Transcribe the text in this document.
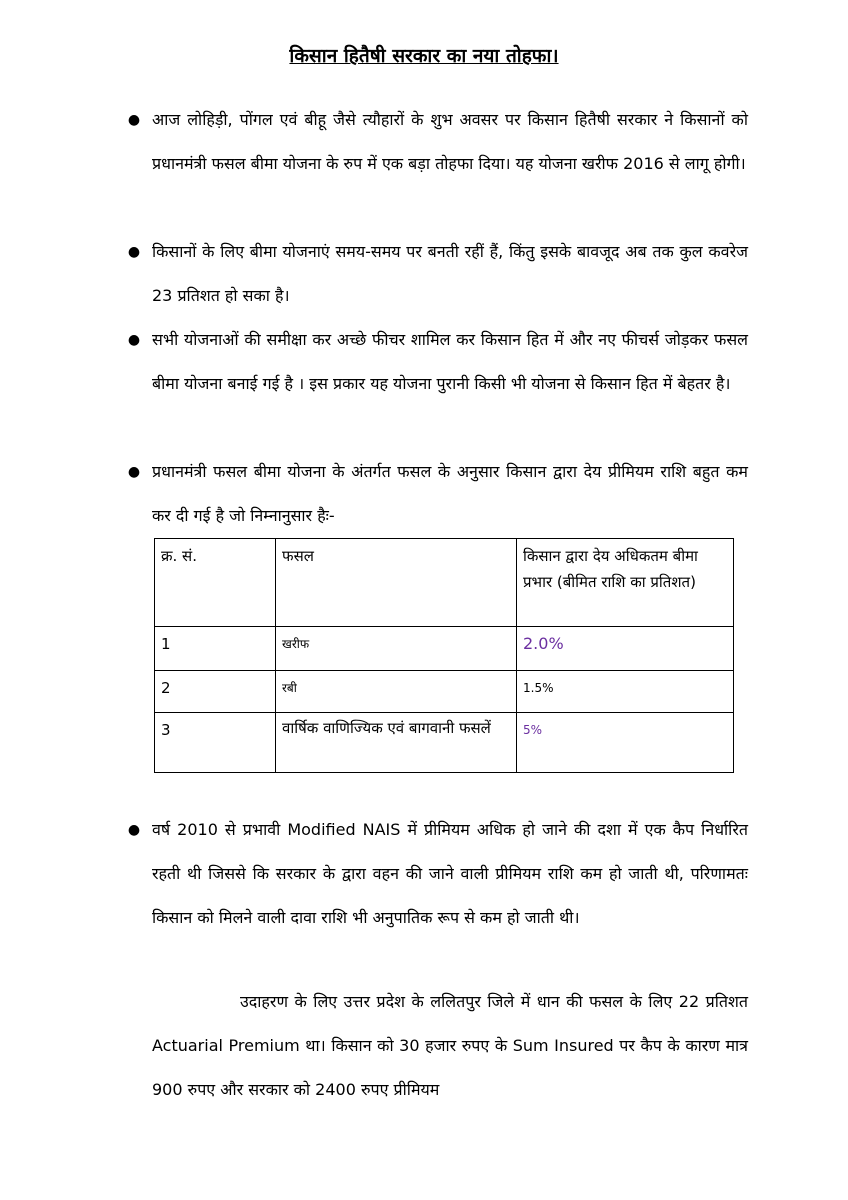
किसान हितैषी सरकार का नया तोहफा।
● आज लोहिड़ी, पोंगल एवं बीहू जैसे त्यौहारों के शुभ अवसर पर किसान हितैषी सरकार ने किसानों को प्रधानमंत्री फसल बीमा योजना के रुप में एक बड़ा तोहफा दिया। यह योजना खरीफ 2016 से लागू होगी।
● किसानों के लिए बीमा योजनाएं समय-समय पर बनती रहीं हैं, किंतु इसके बावजूद अब तक कुल कवरेज 23 प्रतिशत हो सका है।
● सभी योजनाओं की समीक्षा कर अच्छे फीचर शामिल कर किसान हित में और नए फीचर्स जोड़कर फसल बीमा योजना बनाई गई है । इस प्रकार यह योजना पुरानी किसी भी योजना से किसान हित में बेहतर है।
● प्रधानमंत्री फसल बीमा योजना के अंतर्गत फसल के अनुसार किसान द्वारा देय प्रीमियम राशि बहुत कम कर दी गई है जो निम्नानुसार हैः-
क्र. सं.	फसल	किसान द्वारा देय अधिकतम बीमा प्रभार (बीमित राशि का प्रतिशत)
1	खरीफ	2.0%
2	रबी	1.5%
3	वार्षिक वाणिज्यिक एवं बागवानी फसलें	5%
● वर्ष 2010 से प्रभावी Modified NAIS में प्रीमियम अधिक हो जाने की दशा में एक कैप निर्धारित रहती थी जिससे कि सरकार के द्वारा वहन की जाने वाली प्रीमियम राशि कम हो जाती थी, परिणामतः किसान को मिलने वाली दावा राशि भी अनुपातिक रूप से कम हो जाती थी।
उदाहरण के लिए उत्तर प्रदेश के ललितपुर जिले में धान की फसल के लिए 22 प्रतिशत Actuarial Premium था। किसान को 30 हजार रुपए के Sum Insured पर कैप के कारण मात्र 900 रुपए और सरकार को 2400 रुपए प्रीमियम
